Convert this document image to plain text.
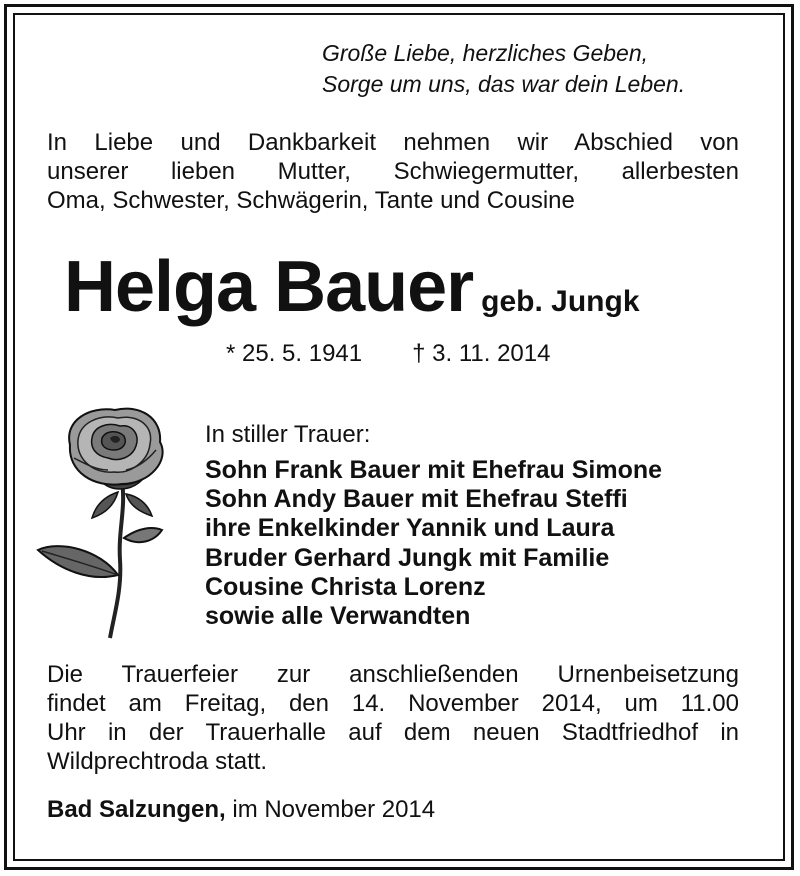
Große Liebe, herzliches Geben,
Sorge um uns, das war dein Leben.
In Liebe und Dankbarkeit nehmen wir Abschied von
unserer lieben Mutter, Schwiegermutter, allerbesten
Oma, Schwester, Schwägerin, Tante und Cousine
Helga Bauer geb. Jungk
* 25. 5. 1941 † 3. 11. 2014
In stiller Trauer:
Sohn Frank Bauer mit Ehefrau Simone
Sohn Andy Bauer mit Ehefrau Steffi
ihre Enkelkinder Yannik und Laura
Bruder Gerhard Jungk mit Familie
Cousine Christa Lorenz
sowie alle Verwandten
Die Trauerfeier zur anschließenden Urnenbeisetzung
findet am Freitag, den 14. November 2014, um 11.00
Uhr in der Trauerhalle auf dem neuen Stadtfriedhof in
Wildprechtroda statt.
Bad Salzungen, im November 2014
